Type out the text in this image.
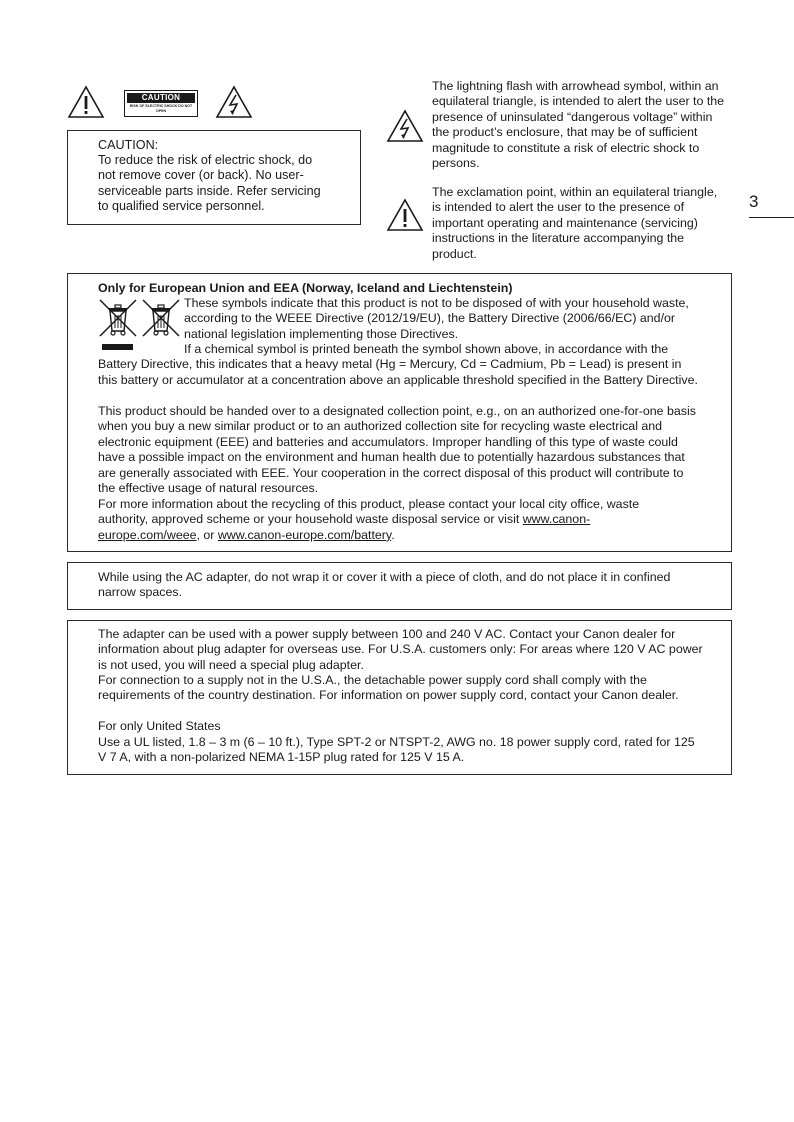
CAUTION
RISK OF ELECTRIC SHOCK DO NOT OPEN
CAUTION:
To reduce the risk of electric shock, do not remove cover (or back). No user-serviceable parts inside. Refer servicing to qualified service personnel.
The lightning flash with arrowhead symbol, within an equilateral triangle, is intended to alert the user to the presence of uninsulated “dangerous voltage” within the product’s enclosure, that may be of sufficient magnitude to constitute a risk of electric shock to persons.
The exclamation point, within an equilateral triangle, is intended to alert the user to the presence of important operating and maintenance (servicing) instructions in the literature accompanying the product.
3
Only for European Union and EEA (Norway, Iceland and Liechtenstein)
These symbols indicate that this product is not to be disposed of with your household waste, according to the WEEE Directive (2012/19/EU), the Battery Directive (2006/66/EC) and/or national legislation implementing those Directives.
If a chemical symbol is printed beneath the symbol shown above, in accordance with the Battery Directive, this indicates that a heavy metal (Hg = Mercury, Cd = Cadmium, Pb = Lead) is present in this battery or accumulator at a concentration above an applicable threshold specified in the Battery Directive.
This product should be handed over to a designated collection point, e.g., on an authorized one-for-one basis when you buy a new similar product or to an authorized collection site for recycling waste electrical and electronic equipment (EEE) and batteries and accumulators. Improper handling of this type of waste could have a possible impact on the environment and human health due to potentially hazardous substances that are generally associated with EEE. Your cooperation in the correct disposal of this product will contribute to the effective usage of natural resources.
For more information about the recycling of this product, please contact your local city office, waste authority, approved scheme or your household waste disposal service or visit www.canon-europe.com/weee, or www.canon-europe.com/battery.
While using the AC adapter, do not wrap it or cover it with a piece of cloth, and do not place it in confined narrow spaces.
The adapter can be used with a power supply between 100 and 240 V AC. Contact your Canon dealer for information about plug adapter for overseas use. For U.S.A. customers only: For areas where 120 V AC power is not used, you will need a special plug adapter.
For connection to a supply not in the U.S.A., the detachable power supply cord shall comply with the requirements of the country destination. For information on power supply cord, contact your Canon dealer.
For only United States
Use a UL listed, 1.8 – 3 m (6 – 10 ft.), Type SPT-2 or NTSPT-2, AWG no. 18 power supply cord, rated for 125 V 7 A, with a non-polarized NEMA 1-15P plug rated for 125 V 15 A.
